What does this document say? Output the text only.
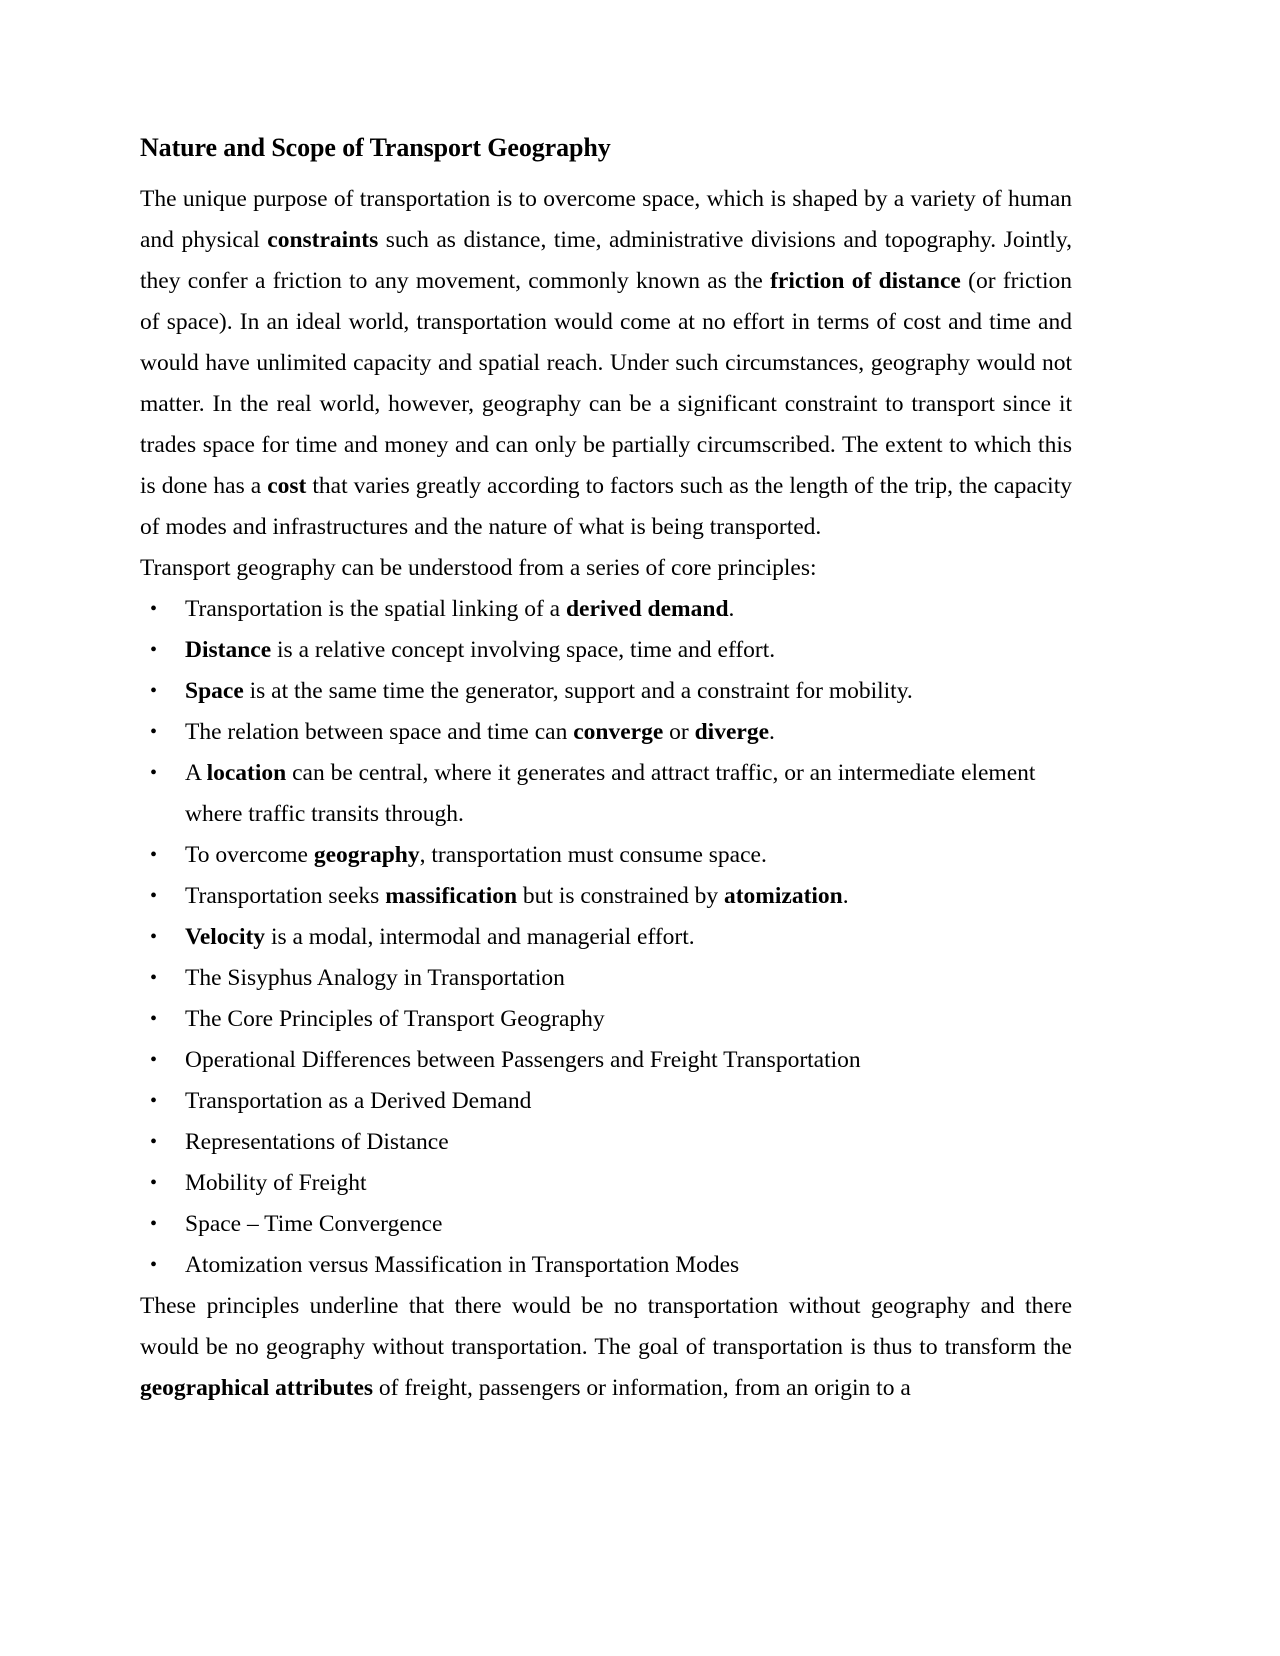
Nature and Scope of Transport Geography

The unique purpose of transportation is to overcome space, which is shaped by a variety of human and physical constraints such as distance, time, administrative divisions and topography. Jointly, they confer a friction to any movement, commonly known as the friction of distance (or friction of space). In an ideal world, transportation would come at no effort in terms of cost and time and would have unlimited capacity and spatial reach. Under such circumstances, geography would not matter. In the real world, however, geography can be a significant constraint to transport since it trades space for time and money and can only be partially circumscribed. The extent to which this is done has a cost that varies greatly according to factors such as the length of the trip, the capacity of modes and infrastructures and the nature of what is being transported.

Transport geography can be understood from a series of core principles:

• Transportation is the spatial linking of a derived demand.
• Distance is a relative concept involving space, time and effort.
• Space is at the same time the generator, support and a constraint for mobility.
• The relation between space and time can converge or diverge.
• A location can be central, where it generates and attract traffic, or an intermediate element where traffic transits through.
• To overcome geography, transportation must consume space.
• Transportation seeks massification but is constrained by atomization.
• Velocity is a modal, intermodal and managerial effort.
• The Sisyphus Analogy in Transportation
• The Core Principles of Transport Geography
• Operational Differences between Passengers and Freight Transportation
• Transportation as a Derived Demand
• Representations of Distance
• Mobility of Freight
• Space – Time Convergence
• Atomization versus Massification in Transportation Modes

These principles underline that there would be no transportation without geography and there would be no geography without transportation. The goal of transportation is thus to transform the geographical attributes of freight, passengers or information, from an origin to a
